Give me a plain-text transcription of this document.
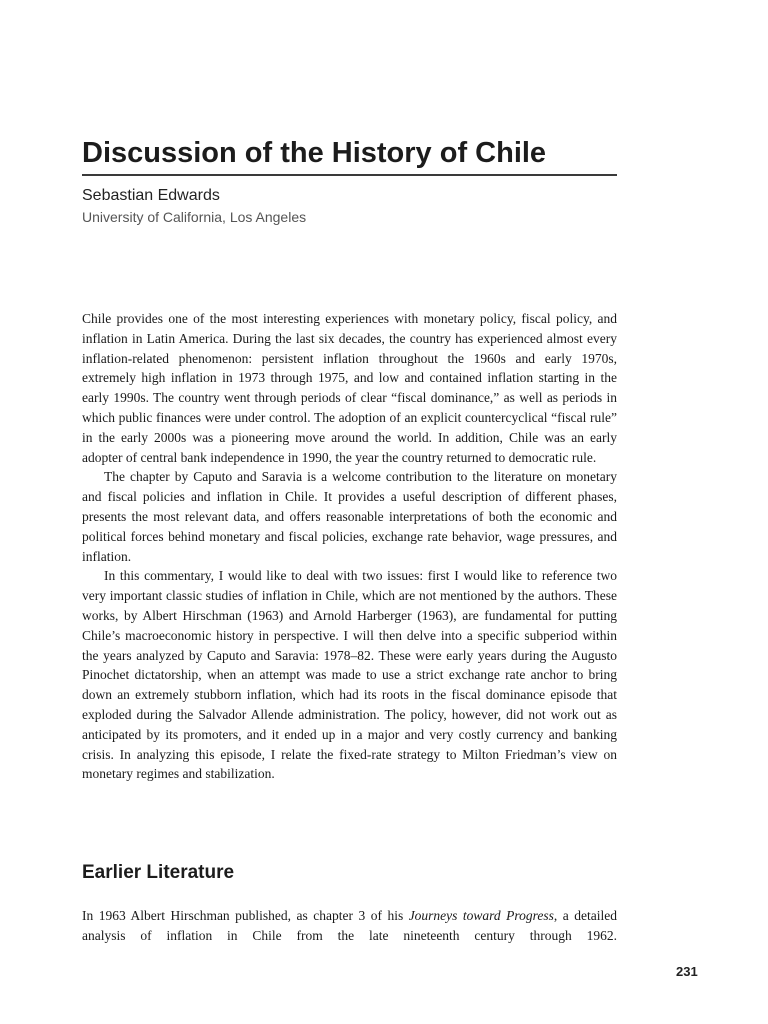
Discussion of the History of Chile
Sebastian Edwards
University of California, Los Angeles

Chile provides one of the most interesting experiences with monetary policy, fiscal policy, and inflation in Latin America. During the last six decades, the country has experienced almost every inflation-related phenomenon: persistent inflation throughout the 1960s and early 1970s, extremely high inflation in 1973 through 1975, and low and contained inflation starting in the early 1990s. The country went through periods of clear “fiscal dominance,” as well as periods in which public finances were under control. The adoption of an explicit countercyclical “fiscal rule” in the early 2000s was a pioneering move around the world. In addition, Chile was an early adopter of central bank independence in 1990, the year the country returned to democratic rule.

The chapter by Caputo and Saravia is a welcome contribution to the literature on monetary and fiscal policies and inflation in Chile. It provides a useful description of different phases, presents the most relevant data, and offers reasonable interpretations of both the economic and political forces behind monetary and fiscal policies, exchange rate behavior, wage pressures, and inflation.

In this commentary, I would like to deal with two issues: first I would like to reference two very important classic studies of inflation in Chile, which are not mentioned by the authors. These works, by Albert Hirschman (1963) and Arnold Harberger (1963), are fundamental for putting Chile’s macroeconomic history in perspective. I will then delve into a specific subperiod within the years analyzed by Caputo and Saravia: 1978–82. These were early years during the Augusto Pinochet dictatorship, when an attempt was made to use a strict exchange rate anchor to bring down an extremely stubborn inflation, which had its roots in the fiscal dominance episode that exploded during the Salvador Allende administration. The policy, however, did not work out as anticipated by its promoters, and it ended up in a major and very costly currency and banking crisis. In analyzing this episode, I relate the fixed-rate strategy to Milton Friedman’s view on monetary regimes and stabilization.

Earlier Literature

In 1963 Albert Hirschman published, as chapter 3 of his Journeys toward Progress, a detailed analysis of inflation in Chile from the late nineteenth century through 1962.

231
